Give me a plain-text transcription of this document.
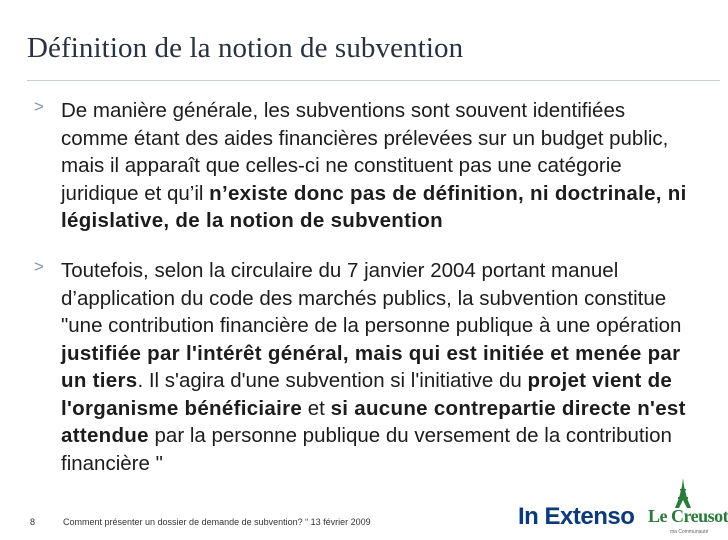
Définition de la notion de subvention
> De manière générale, les subventions sont souvent identifiées comme étant des aides financières prélevées sur un budget public, mais il apparaît que celles-ci ne constituent pas une catégorie juridique et qu’il n’existe donc pas de définition, ni doctrinale, ni législative, de la notion de subvention
> Toutefois, selon la circulaire du 7 janvier 2004 portant manuel d’application du code des marchés publics, la subvention constitue "une contribution financière de la personne publique à une opération justifiée par l'intérêt général, mais qui est initiée et menée par un tiers. Il s'agira d'une subvention si l'initiative du projet vient de l'organisme bénéficiaire et si aucune contrepartie directe n'est attendue par la personne publique du versement de la contribution financière "
8	Comment présenter un dossier de demande de subvention? “ 13 février 2009	In Extenso Le Creusot
ma Communauté
